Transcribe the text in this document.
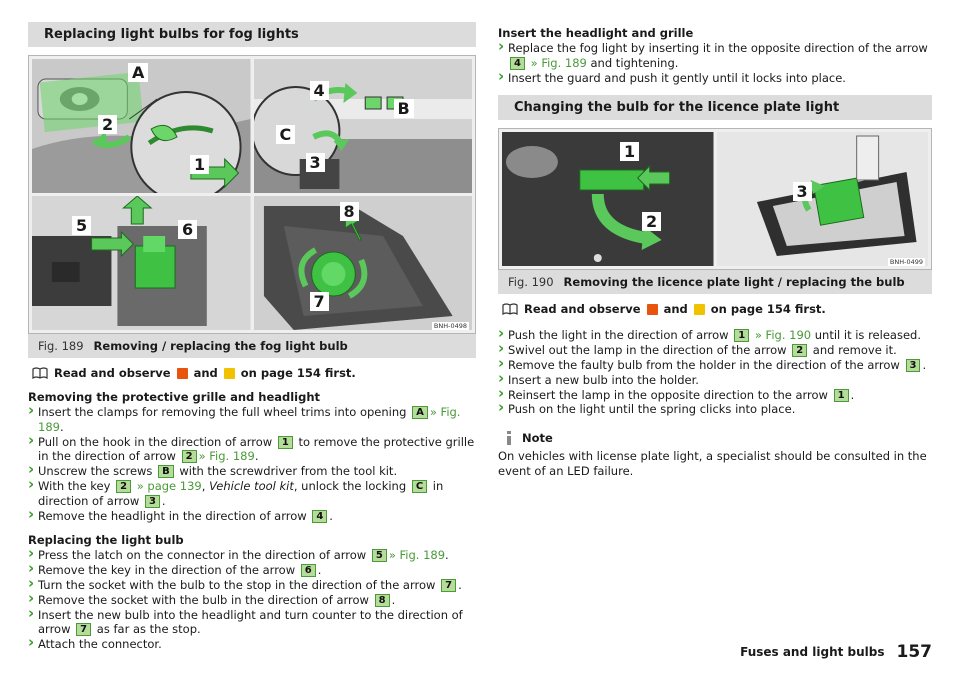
Replacing light bulbs for fog lights
A
2
1
4
B
C
3
5	6
8
7
BNH-0498
Fig. 189 Removing / replacing the fog light bulb
Read and observe and on page 154 first.
Removing the protective grille and headlight
› Insert the clamps for removing the full wheel trims into opening A » Fig. 189.
› Pull on the hook in the direction of arrow 1 to remove the protective grille in the direction of arrow 2 » Fig. 189.
› Unscrew the screws B with the screwdriver from the tool kit.
› With the key 2 » page 139, Vehicle tool kit, unlock the locking C in direction of arrow 3 .
› Remove the headlight in the direction of arrow 4 .
Replacing the light bulb
› Press the latch on the connector in the direction of arrow 5 » Fig. 189.
› Remove the key in the direction of the arrow 6 .
› Turn the socket with the bulb to the stop in the direction of the arrow 7 .
› Remove the socket with the bulb in the direction of arrow 8 .
› Insert the new bulb into the headlight and turn counter to the direction of arrow 7 as far as the stop.
› Attach the connector.
Insert the headlight and grille
› Replace the fog light by inserting it in the opposite direction of the arrow 4 » Fig. 189 and tightening.
› Insert the guard and push it gently until it locks into place.
Changing the bulb for the licence plate light
1
2
3
BNH-0499
Fig. 190 Removing the licence plate light / replacing the bulb
Read and observe and on page 154 first.
› Push the light in the direction of arrow 1 » Fig. 190 until it is released.
› Swivel out the lamp in the direction of the arrow 2 and remove it.
› Remove the faulty bulb from the holder in the direction of the arrow 3 .
› Insert a new bulb into the holder.
› Reinsert the lamp in the opposite direction to the arrow 1 .
› Push on the light until the spring clicks into place.
Note
On vehicles with license plate light, a specialist should be consulted in the event of an LED failure.
Fuses and light bulbs 157
